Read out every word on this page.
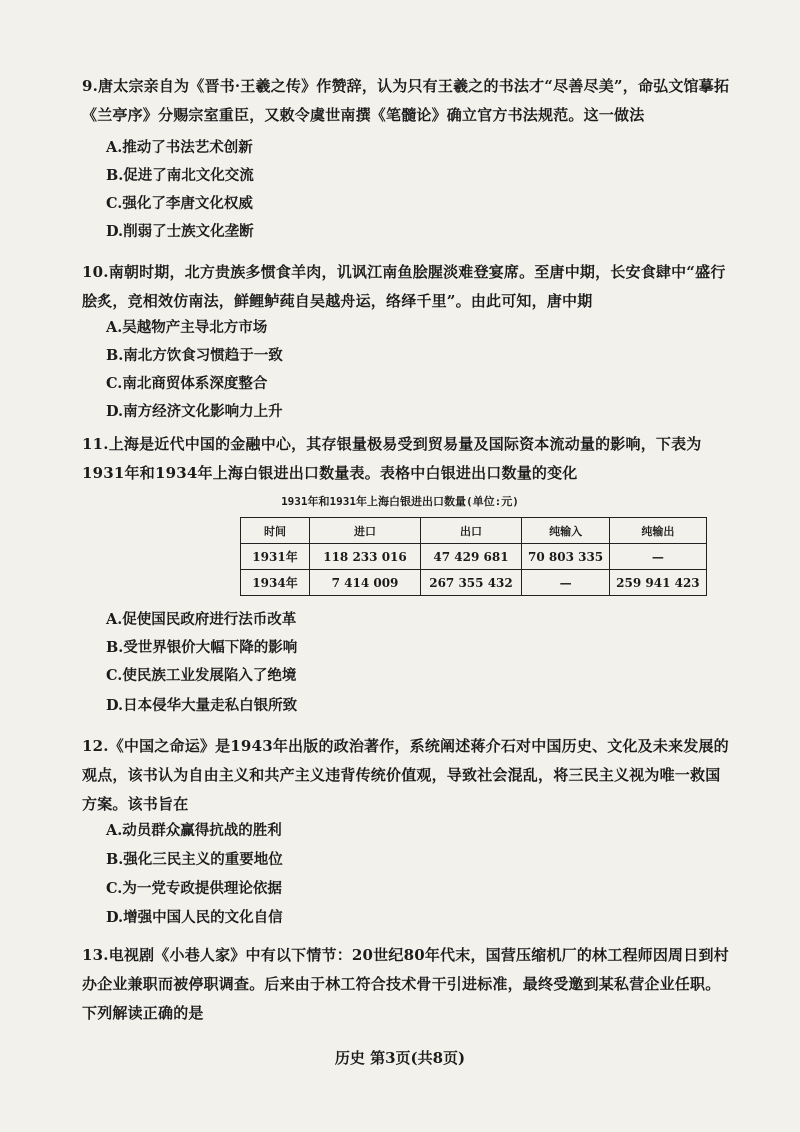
9.唐太宗亲自为《晋书·王羲之传》作赞辞，认为只有王羲之的书法才“尽善尽美”，命弘文馆摹拓《兰亭序》分赐宗室重臣，又敕令虞世南撰《笔髓论》确立官方书法规范。这一做法

A.推动了书法艺术创新
B.促进了南北文化交流
C.强化了李唐文化权威
D.削弱了士族文化垄断

10.南朝时期，北方贵族多惯食羊肉，讥讽江南鱼脍腥淡难登宴席。至唐中期，长安食肆中“盛行脍炙，竞相效仿南法，鲜鲤鲈莼自吴越舟运，络绎千里”。由此可知，唐中期

A.吴越物产主导北方市场
B.南北方饮食习惯趋于一致
C.南北商贸体系深度整合
D.南方经济文化影响力上升

11.上海是近代中国的金融中心，其存银量极易受到贸易量及国际资本流动量的影响，下表为1931年和1934年上海白银进出口数量表。表格中白银进出口数量的变化

1931年和1931年上海白银进出口数量(单位:元)
时间	进口	出口	纯输入	纯输出
1931年	118 233 016	47 429 681	70 803 335	—
1934年	7 414 009	267 355 432	—	259 941 423
A.促使国民政府进行法币改革
B.受世界银价大幅下降的影响
C.使民族工业发展陷入了绝境
D.日本侵华大量走私白银所致

12.《中国之命运》是1943年出版的政治著作，系统阐述蒋介石对中国历史、文化及未来发展的观点，该书认为自由主义和共产主义违背传统价值观，导致社会混乱，将三民主义视为唯一救国方案。该书旨在

A.动员群众赢得抗战的胜利
B.强化三民主义的重要地位
C.为一党专政提供理论依据
D.增强中国人民的文化自信

13.电视剧《小巷人家》中有以下情节：20世纪80年代末，国营压缩机厂的林工程师因周日到村办企业兼职而被停职调查。后来由于林工符合技术骨干引进标准，最终受邀到某私营企业任职。下列解读正确的是

历史 第3页(共8页)
